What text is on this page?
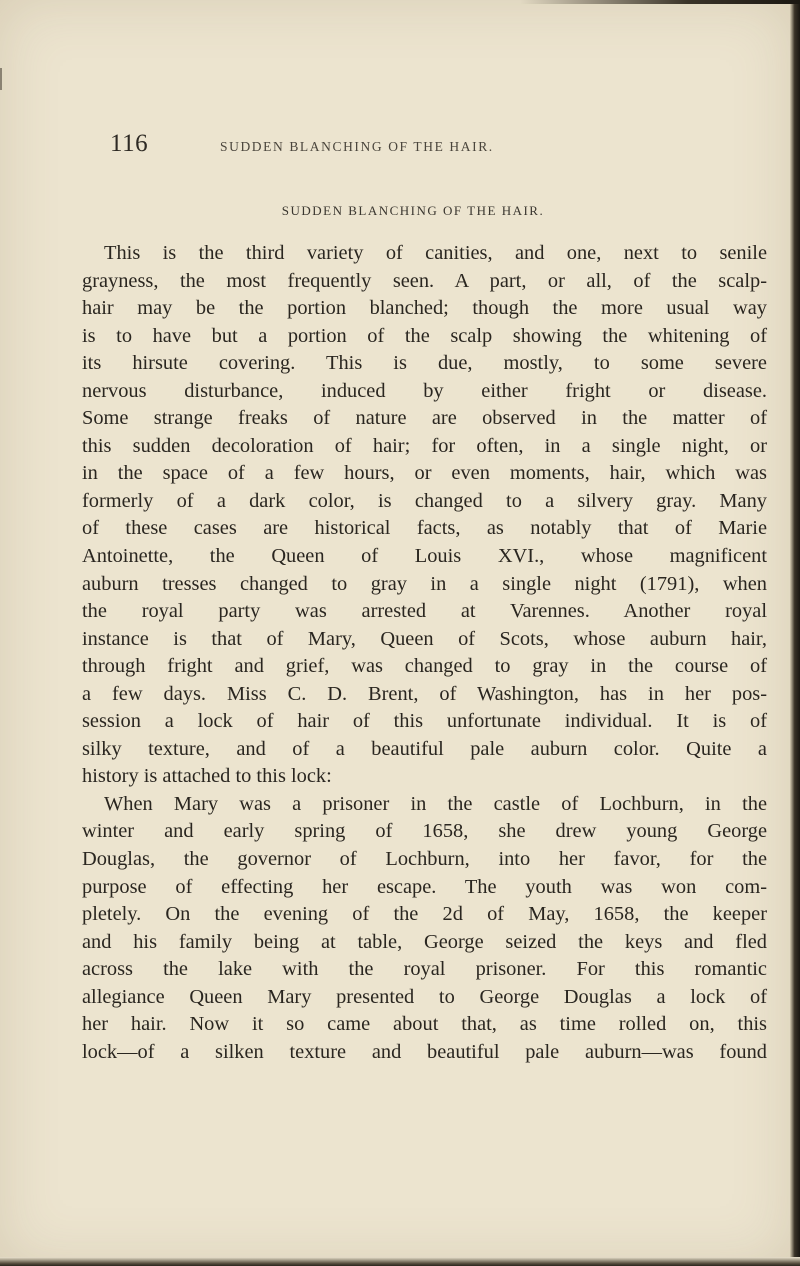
116	SUDDEN BLANCHING OF THE HAIR.
SUDDEN BLANCHING OF THE HAIR.

This is the third variety of canities, and one, next to senile

grayness, the most frequently seen. A part, or all, of the scalp-

hair may be the portion blanched; though the more usual way

is to have but a portion of the scalp showing the whitening of

its hirsute covering. This is due, mostly, to some severe

nervous disturbance, induced by either fright or disease.

Some strange freaks of nature are observed in the matter of

this sudden decoloration of hair; for often, in a single night, or

in the space of a few hours, or even moments, hair, which was

formerly of a dark color, is changed to a silvery gray. Many

of these cases are historical facts, as notably that of Marie

Antoinette, the Queen of Louis XVI., whose magnificent

auburn tresses changed to gray in a single night (1791), when

the royal party was arrested at Varennes. Another royal

instance is that of Mary, Queen of Scots, whose auburn hair,

through fright and grief, was changed to gray in the course of

a few days. Miss C. D. Brent, of Washington, has in her pos-

session a lock of hair of this unfortunate individual. It is of

silky texture, and of a beautiful pale auburn color. Quite a

history is attached to this lock:

When Mary was a prisoner in the castle of Lochburn, in the

winter and early spring of 1658, she drew young George

Douglas, the governor of Lochburn, into her favor, for the

purpose of effecting her escape. The youth was won com-

pletely. On the evening of the 2d of May, 1658, the keeper

and his family being at table, George seized the keys and fled

across the lake with the royal prisoner. For this romantic

allegiance Queen Mary presented to George Douglas a lock of

her hair. Now it so came about that, as time rolled on, this

lock—of a silken texture and beautiful pale auburn—was found
